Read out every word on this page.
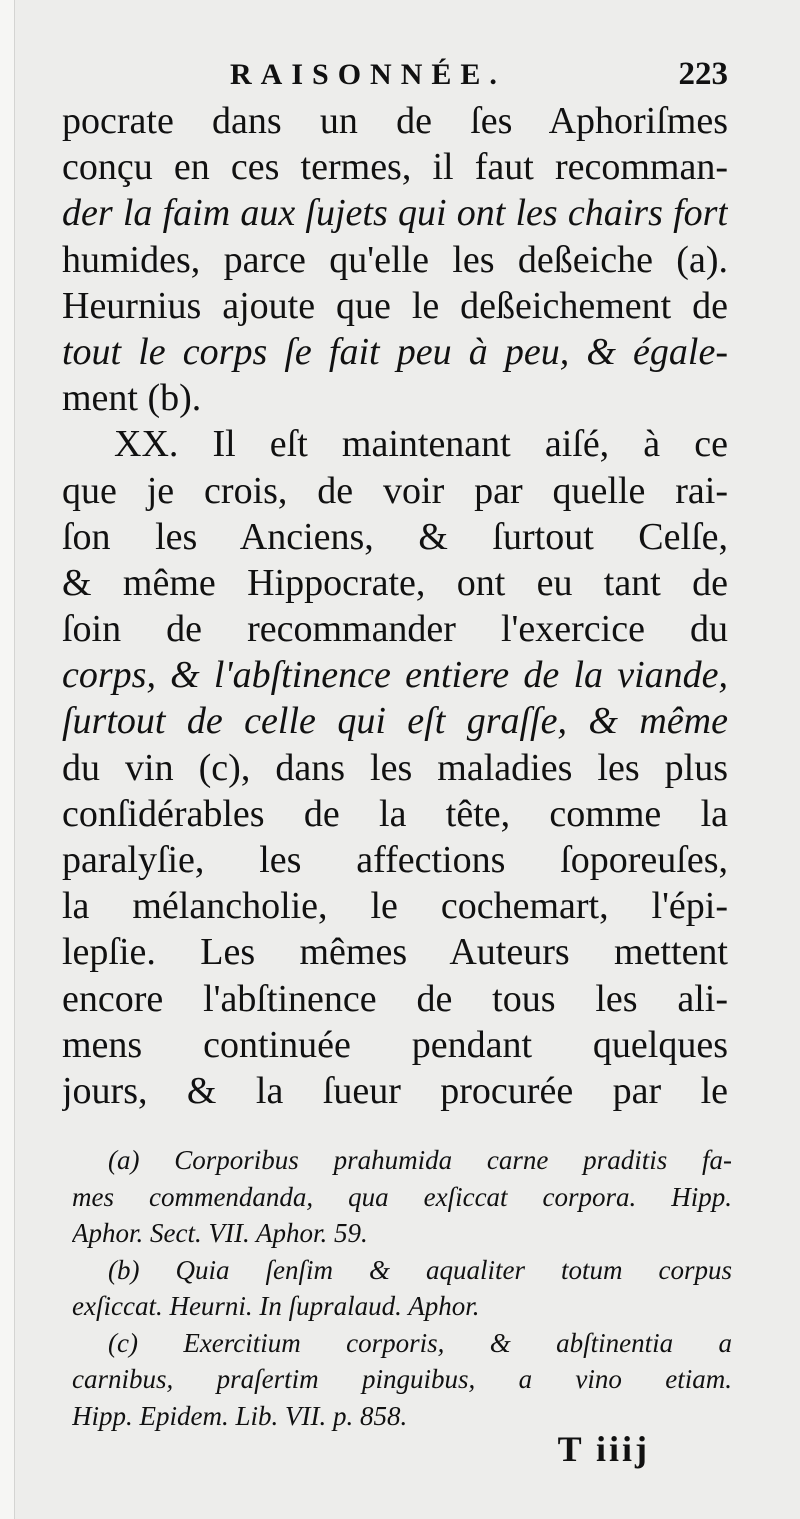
RAISONNÉE.	223
pocrate dans un de ſes Aphoriſmes
conçu en ces termes, il faut recomman-
der la faim aux ſujets qui ont les chairs fort
humides, parce qu'elle les deßeiche (a).
Heurnius ajoute que le deßeichement de
tout le corps ſe fait peu à peu, & égale-
ment (b).
XX. Il eſt maintenant aiſé, à ce
que je crois, de voir par quelle rai-
ſon les Anciens, & ſurtout Celſe,
& même Hippocrate, ont eu tant de
ſoin de recommander l'exercice du
corps, & l'abſtinence entiere de la viande,
ſurtout de celle qui eſt graſſe, & même
du vin (c), dans les maladies les plus
conſidérables de la tête, comme la
paralyſie, les affections ſoporeuſes,
la mélancholie, le cochemart, l'épi-
lepſie. Les mêmes Auteurs mettent
encore l'abſtinence de tous les ali-
mens continuée pendant quelques
jours, & la ſueur procurée par le
(a) Corporibus prahumida carne praditis fa-
mes commendanda, qua exſiccat corpora. Hipp.
Aphor. Sect. VII. Aphor. 59.
(b) Quia ſenſim & aqualiter totum corpus
exſiccat. Heurni. In ſupralaud. Aphor.
(c) Exercitium corporis, & abſtinentia a
carnibus, praſertim pinguibus, a vino etiam.
Hipp. Epidem. Lib. VII. p. 858.
T iiij
